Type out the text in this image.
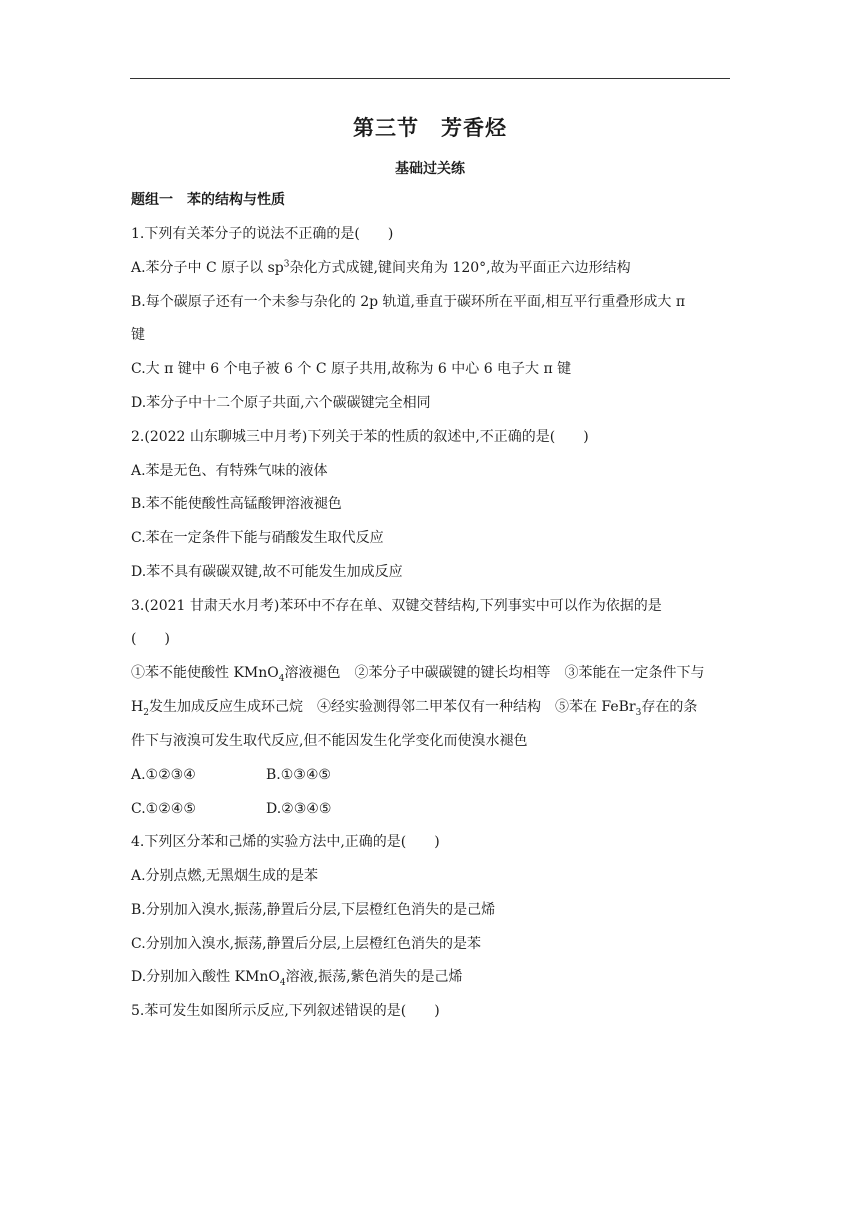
第三节　芳香烃
基础过关练
题组一　苯的结构与性质
1.下列有关苯分子的说法不正确的是(　　)
A.苯分子中 C 原子以 $sp^3$杂化方式成键,键间夹角为 120°,故为平面正六边形结构
B.每个碳原子还有一个未参与杂化的 2p 轨道,垂直于碳环所在平面,相互平行重叠形成大 π
键
C.大 π 键中 6 个电子被 6 个 C 原子共用,故称为 6 中心 6 电子大 π 键
D.苯分子中十二个原子共面,六个碳碳键完全相同
2.(2022 山东聊城三中月考)下列关于苯的性质的叙述中,不正确的是(　　)
A.苯是无色、有特殊气味的液体
B.苯不能使酸性高锰酸钾溶液褪色
C.苯在一定条件下能与硝酸发生取代反应
D.苯不具有碳碳双键,故不可能发生加成反应
3.(2021 甘肃天水月考)苯环中不存在单、双键交替结构,下列事实中可以作为依据的是
(　　)
①苯不能使酸性 KMnO$_4$溶液褪色　②苯分子中碳碳键的键长均相等　③苯能在一定条件下与
$H_2$发生加成反应生成环己烷　④经实验测得邻二甲苯仅有一种结构　⑤苯在 FeBr$_3$存在的条
件下与液溴可发生取代反应,但不能因发生化学变化而使溴水褪色
A.①②③④	B.①③④⑤
C.①②④⑤	D.②③④⑤
4.下列区分苯和己烯的实验方法中,正确的是(　　)
A.分别点燃,无黑烟生成的是苯
B.分别加入溴水,振荡,静置后分层,下层橙红色消失的是己烯
C.分别加入溴水,振荡,静置后分层,上层橙红色消失的是苯
D.分别加入酸性 KMnO$_4$溶液,振荡,紫色消失的是己烯
5.苯可发生如图所示反应,下列叙述错误的是(　　)
